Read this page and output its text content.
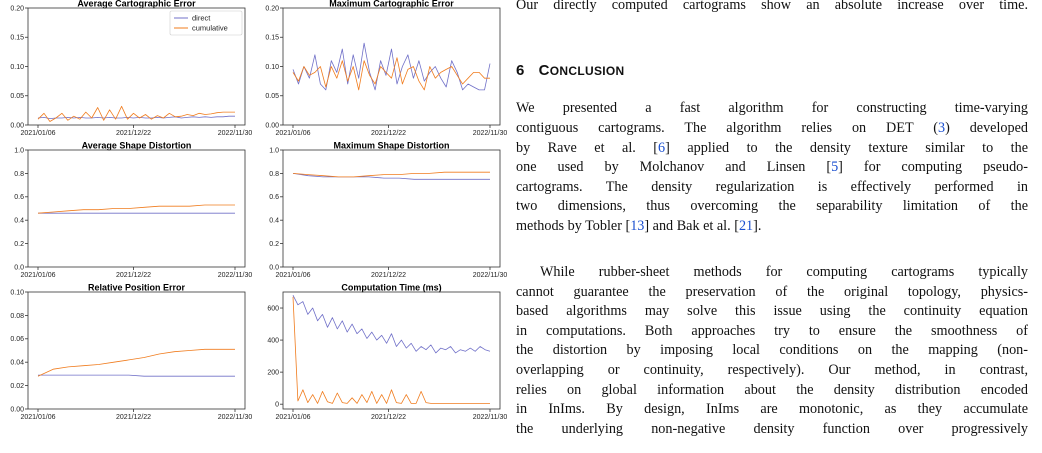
Average Cartographic Error
0.00
0.05
0.10
0.15
0.20
2021/01/06	2021/12/22	2022/11/30
direct
cumulative
Maximum Cartographic Error
0.00
0.05
0.10
0.15
0.20
2021/01/06	2021/12/22	2022/11/30
Average Shape Distortion
0.0
0.2
0.4
0.6
0.8
1.0
2021/01/06	2021/12/22	2022/11/30
Maximum Shape Distortion
0.0
0.2
0.4
0.6
0.8
1.0
2021/01/06	2021/12/22	2022/11/30
Relative Position Error
0.00
0.02
0.04
0.06
0.08
0.10
2021/01/06	2021/12/22	2022/11/30
Computation Time (ms)
0
200
400
600
2021/01/06	2021/12/22	2022/11/30
Our directly computed cartograms show an absolute increase over time.
6 CONCLUSION
We presented a fast algorithm for constructing time-varying
contiguous cartograms. The algorithm relies on DET (3) developed
by Rave et al. [6] applied to the density texture similar to the
one used by Molchanov and Linsen [5] for computing pseudo-
cartograms. The density regularization is effectively performed in
two dimensions, thus overcoming the separability limitation of the
methods by Tobler [13] and Bak et al. [21].
While rubber-sheet methods for computing cartograms typically
cannot guarantee the preservation of the original topology, physics-
based algorithms may solve this issue using the continuity equation
in computations. Both approaches try to ensure the smoothness of
the distortion by imposing local conditions on the mapping (non-
overlapping or continuity, respectively). Our method, in contrast,
relies on global information about the density distribution encoded
in InIms. By design, InIms are monotonic, as they accumulate
the underlying non-negative density function over progressively
